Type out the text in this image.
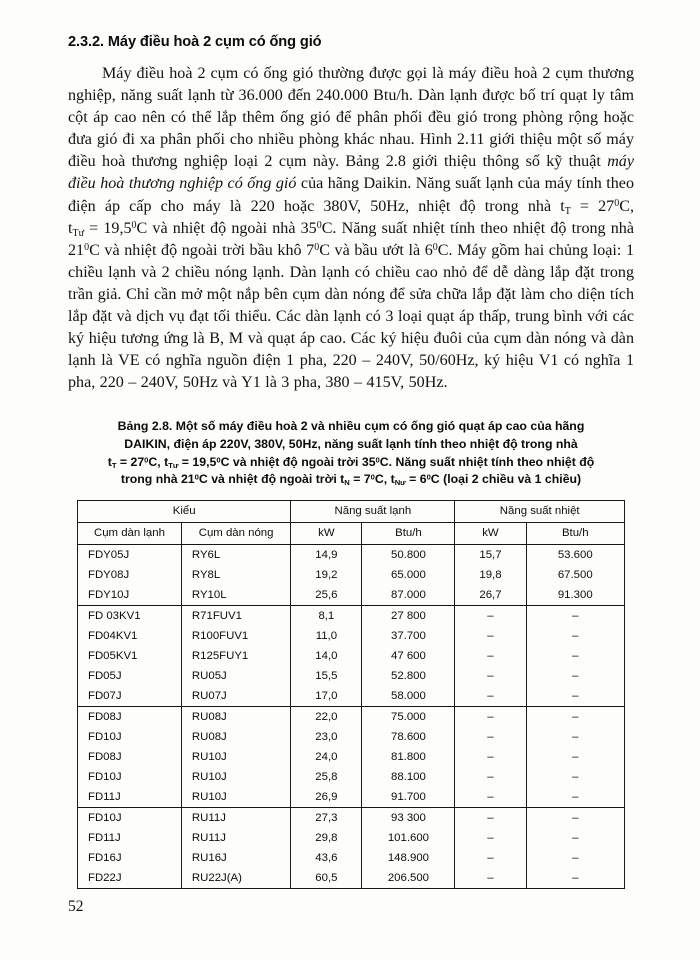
2.3.2. Máy điều hoà 2 cụm có ống gió

Máy điều hoà 2 cụm có ống gió thường được gọi là máy điều hoà 2 cụm thương nghiệp, năng suất lạnh từ 36.000 đến 240.000 Btu/h. Dàn lạnh được bố trí quạt ly tâm cột áp cao nên có thể lắp thêm ống gió để phân phối đều gió trong phòng rộng hoặc đưa gió đi xa phân phối cho nhiều phòng khác nhau. Hình 2.11 giới thiệu một số máy điều hoà thương nghiệp loại 2 cụm này. Bảng 2.8 giới thiệu thông số kỹ thuật máy điều hoà thương nghiệp có ống gió của hãng Daikin. Năng suất lạnh của máy tính theo điện áp cấp cho máy là 220 hoặc 380V, 50Hz, nhiệt độ trong nhà $t_T = 27^0C$, $t_{Tư} = 19,5^0C$ và nhiệt độ ngoài nhà $35^0C$. Năng suất nhiệt tính theo nhiệt độ trong nhà $21^0C$ và nhiệt độ ngoài trời bầu khô $7^0C$ và bầu ướt là $6^0C$. Máy gồm hai chủng loại: 1 chiều lạnh và 2 chiều nóng lạnh. Dàn lạnh có chiều cao nhỏ để dễ dàng lắp đặt trong trần giả. Chỉ cần mở một nắp bên cụm dàn nóng để sửa chữa lắp đặt làm cho diện tích lắp đặt và dịch vụ đạt tối thiểu. Các dàn lạnh có 3 loại quạt áp thấp, trung bình với các ký hiệu tương ứng là B, M và quạt áp cao. Các ký hiệu đuôi của cụm dàn nóng và dàn lạnh là VE có nghĩa nguồn điện 1 pha, 220 – 240V, 50/60Hz, ký hiệu V1 có nghĩa 1 pha, 220 – 240V, 50Hz và Y1 là 3 pha, 380 – 415V, 50Hz.

Bảng 2.8. Một số máy điều hoà 2 và nhiều cụm có ống gió quạt áp cao của hãng
DAIKIN, điện áp 220V, 380V, 50Hz, năng suất lạnh tính theo nhiệt độ trong nhà
$t_T = 27^0C$, $t_{Tư} = 19,5^0C$ và nhiệt độ ngoài trời $35^0C$. Năng suất nhiệt tính theo nhiệt độ
trong nhà $21^0C$ và nhiệt độ ngoài trời $t_N = 7^0C$, $t_{Nư} = 6^0C$ (loại 2 chiều và 1 chiều)
Kiểu		Năng suất lạnh		Năng suất nhiệt	
Cụm dàn lạnh	Cụm dàn nóng	kW	Btu/h	kW	Btu/h
FDY05J	RY6L	14,9	50.800	15,7	53.600
FDY08J	RY8L	19,2	65.000	19,8	67.500
FDY10J	RY10L	25,6	87.000	26,7	91.300
FD 03KV1	R71FUV1	8,1	27 800	–	–
FD04KV1	R100FUV1	11,0	37.700	–	–
FD05KV1	R125FUY1	14,0	47 600	–	–
FD05J	RU05J	15,5	52.800	–	–
FD07J	RU07J	17,0	58.000	–	–
FD08J	RU08J	22,0	75.000	–	–
FD10J	RU08J	23,0	78.600	–	–
FD08J	RU10J	24,0	81.800	–	–
FD10J	RU10J	25,8	88.100	–	–
FD11J	RU10J	26,9	91.700	–	–
FD10J	RU11J	27,3	93 300	–	–
FD11J	RU11J	29,8	101.600	–	–
FD16J	RU16J	43,6	148.900	–	–
FD22J	RU22J(A)	60,5	206.500	–	–
52
